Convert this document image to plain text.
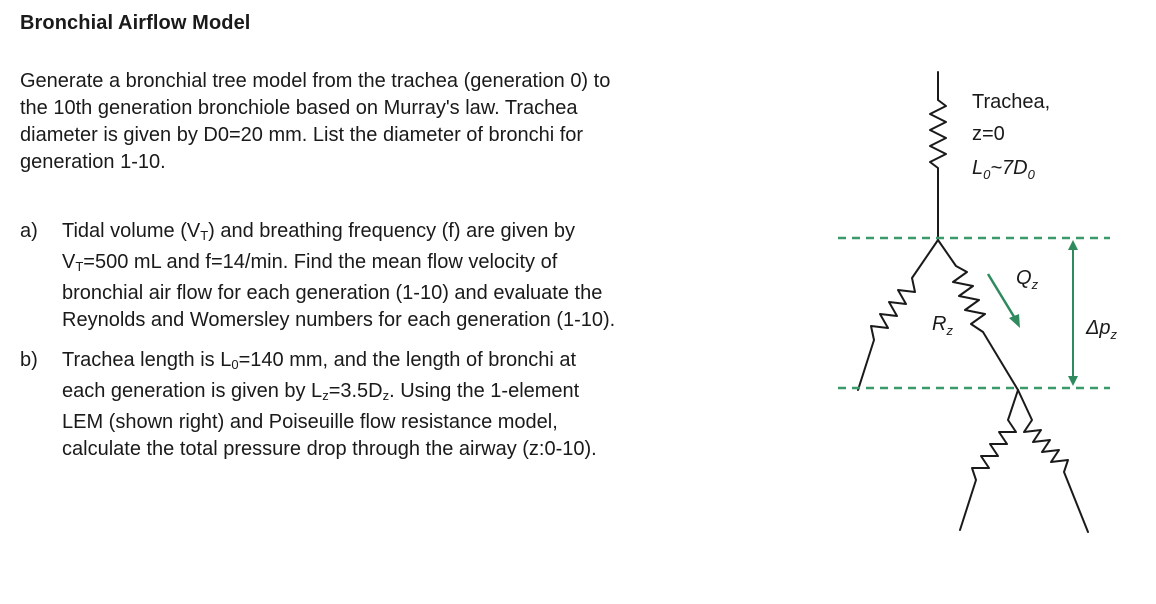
Bronchial Airflow Model
Generate a bronchial tree model from the trachea (generation 0) to
the 10th generation bronchiole based on Murray's law. Trachea
diameter is given by D0=20 mm. List the diameter of bronchi for
generation 1-10.
a) Tidal volume $(V_T)$ and breathing frequency (f) are given by
$V_T=500$ mL and f=14/min. Find the mean flow velocity of
bronchial air flow for each generation (1-10) and evaluate the
Reynolds and Womersley numbers for each generation (1-10).
b) Trachea length is $L_0=140$ mm, and the length of bronchi at
each generation is given by $L_z=3.5D_z$. Using the 1-element
LEM (shown right) and Poiseuille flow resistance model,
calculate the total pressure drop through the airway (z:0-10).
Trachea,
z=0
$L_0\sim 7D_0$
$Q_z$
$R_z$	$\Delta p_z$
